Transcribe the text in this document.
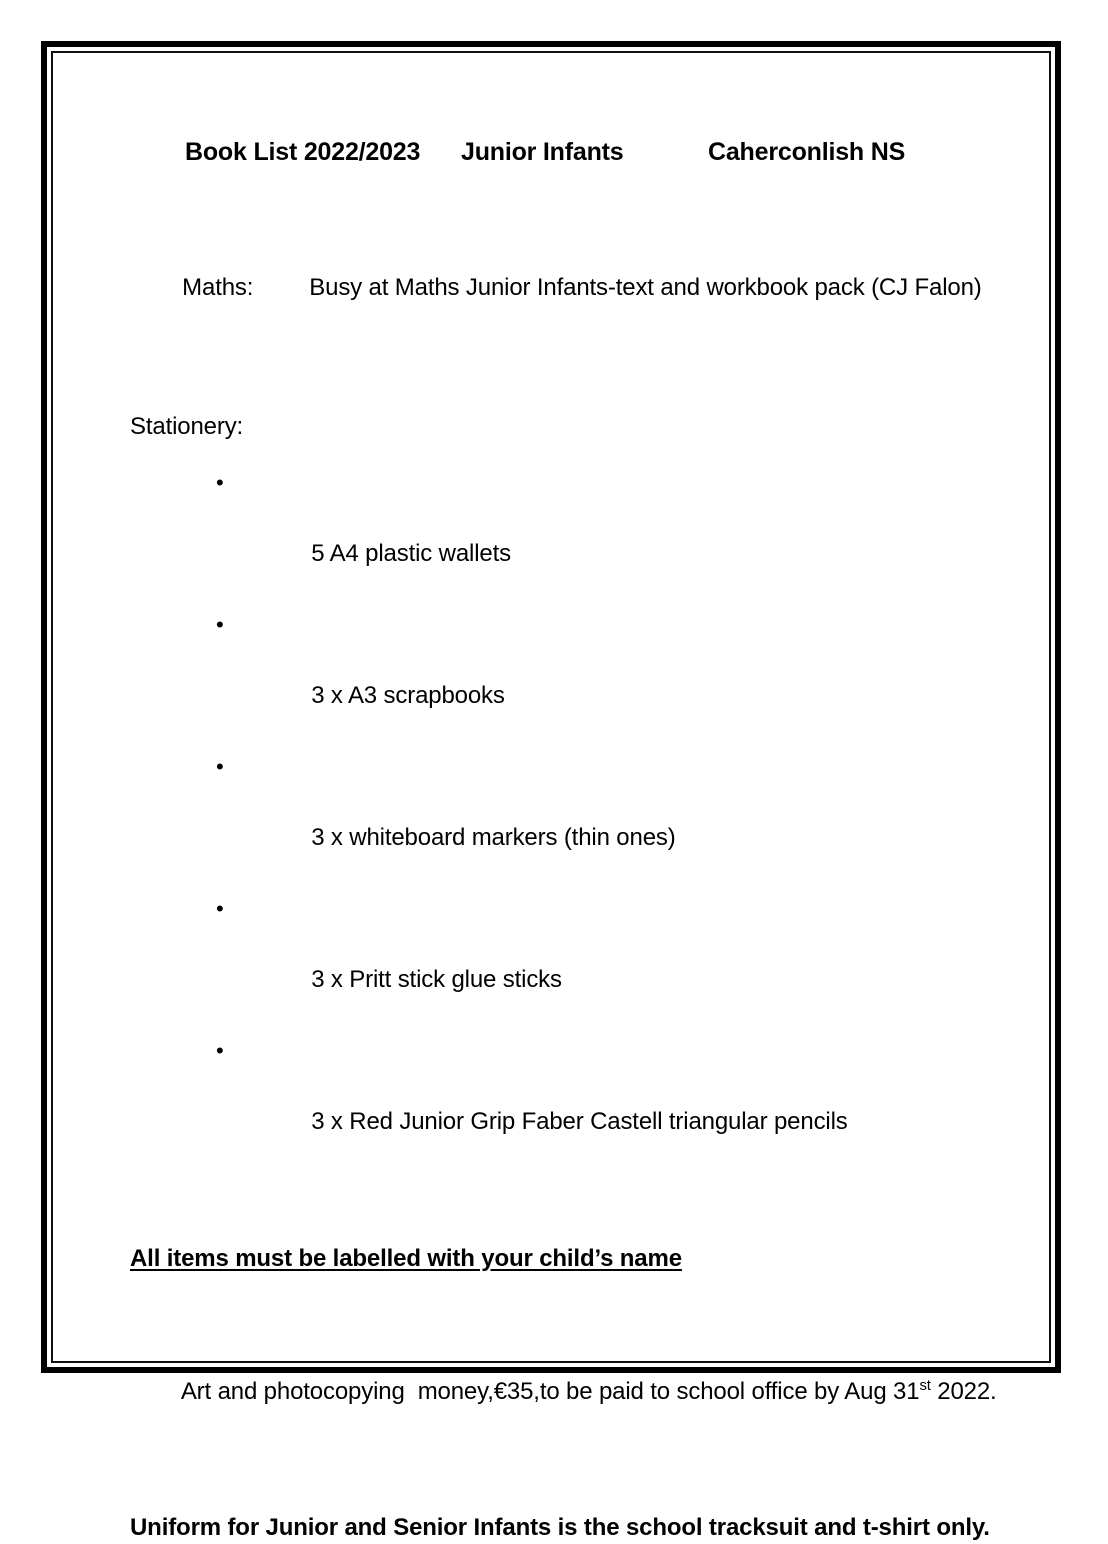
Book List 2022/2023 Junior Infants	Caherconlish NS

Maths: Busy at Maths Junior Infants-text and workbook pack (CJ Falon)

Stationery:

•

5 A4 plastic wallets

•

3 x A3 scrapbooks

•

3 x whiteboard markers (thin ones)

•

3 x Pritt stick glue sticks

•

3 x Red Junior Grip Faber Castell triangular pencils

All items must be labelled with your child’s name

Art and photocopying  money,€35,to be paid to school office by Aug 31st 2022.

Uniform for Junior and Senior Infants is the school tracksuit and t-shirt only.
